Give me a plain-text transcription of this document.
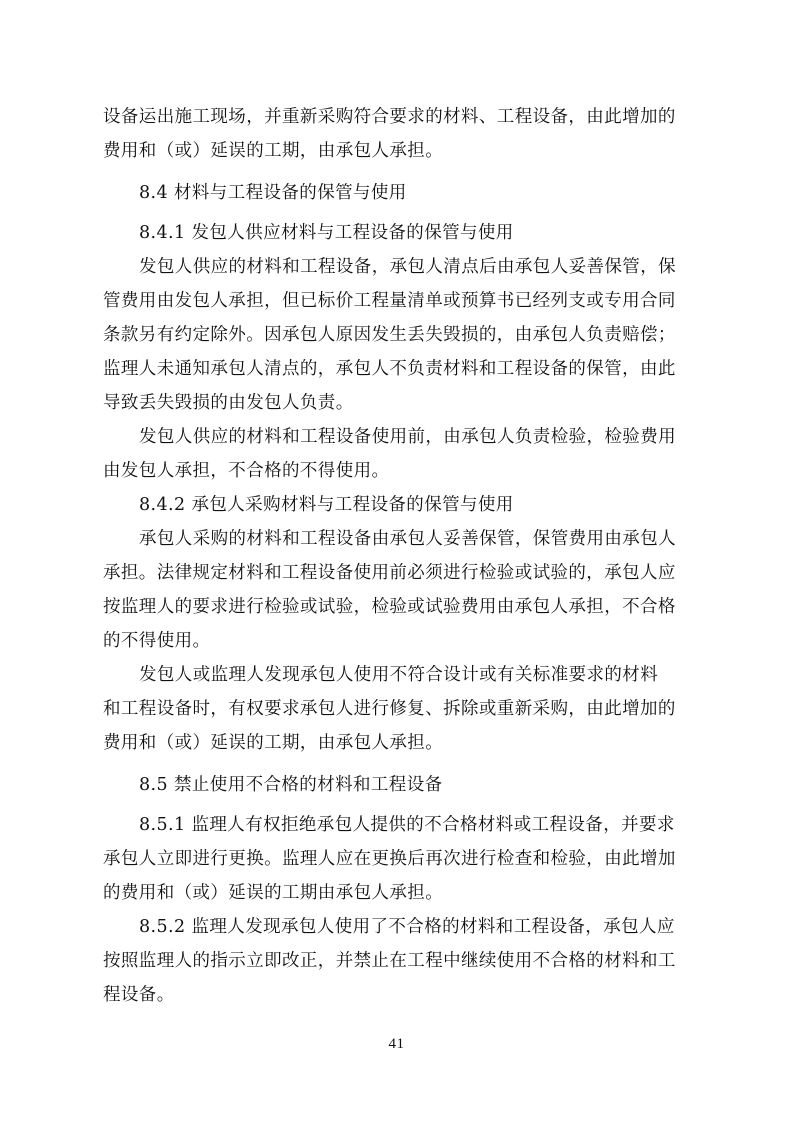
设备运出施工现场，并重新采购符合要求的材料、工程设备，由此增加的
费用和（或）延误的工期，由承包人承担。
8.4 材料与工程设备的保管与使用
8.4.1 发包人供应材料与工程设备的保管与使用
发包人供应的材料和工程设备，承包人清点后由承包人妥善保管，保
管费用由发包人承担，但已标价工程量清单或预算书已经列支或专用合同
条款另有约定除外。因承包人原因发生丢失毁损的，由承包人负责赔偿；
监理人未通知承包人清点的，承包人不负责材料和工程设备的保管，由此
导致丢失毁损的由发包人负责。
发包人供应的材料和工程设备使用前，由承包人负责检验，检验费用
由发包人承担，不合格的不得使用。
8.4.2 承包人采购材料与工程设备的保管与使用
承包人采购的材料和工程设备由承包人妥善保管，保管费用由承包人
承担。法律规定材料和工程设备使用前必须进行检验或试验的，承包人应
按监理人的要求进行检验或试验，检验或试验费用由承包人承担，不合格
的不得使用。
发包人或监理人发现承包人使用不符合设计或有关标准要求的材料
和工程设备时，有权要求承包人进行修复、拆除或重新采购，由此增加的
费用和（或）延误的工期，由承包人承担。
8.5 禁止使用不合格的材料和工程设备
8.5.1 监理人有权拒绝承包人提供的不合格材料或工程设备，并要求
承包人立即进行更换。监理人应在更换后再次进行检查和检验，由此增加
的费用和（或）延误的工期由承包人承担。
8.5.2 监理人发现承包人使用了不合格的材料和工程设备，承包人应
按照监理人的指示立即改正，并禁止在工程中继续使用不合格的材料和工
程设备。
41
